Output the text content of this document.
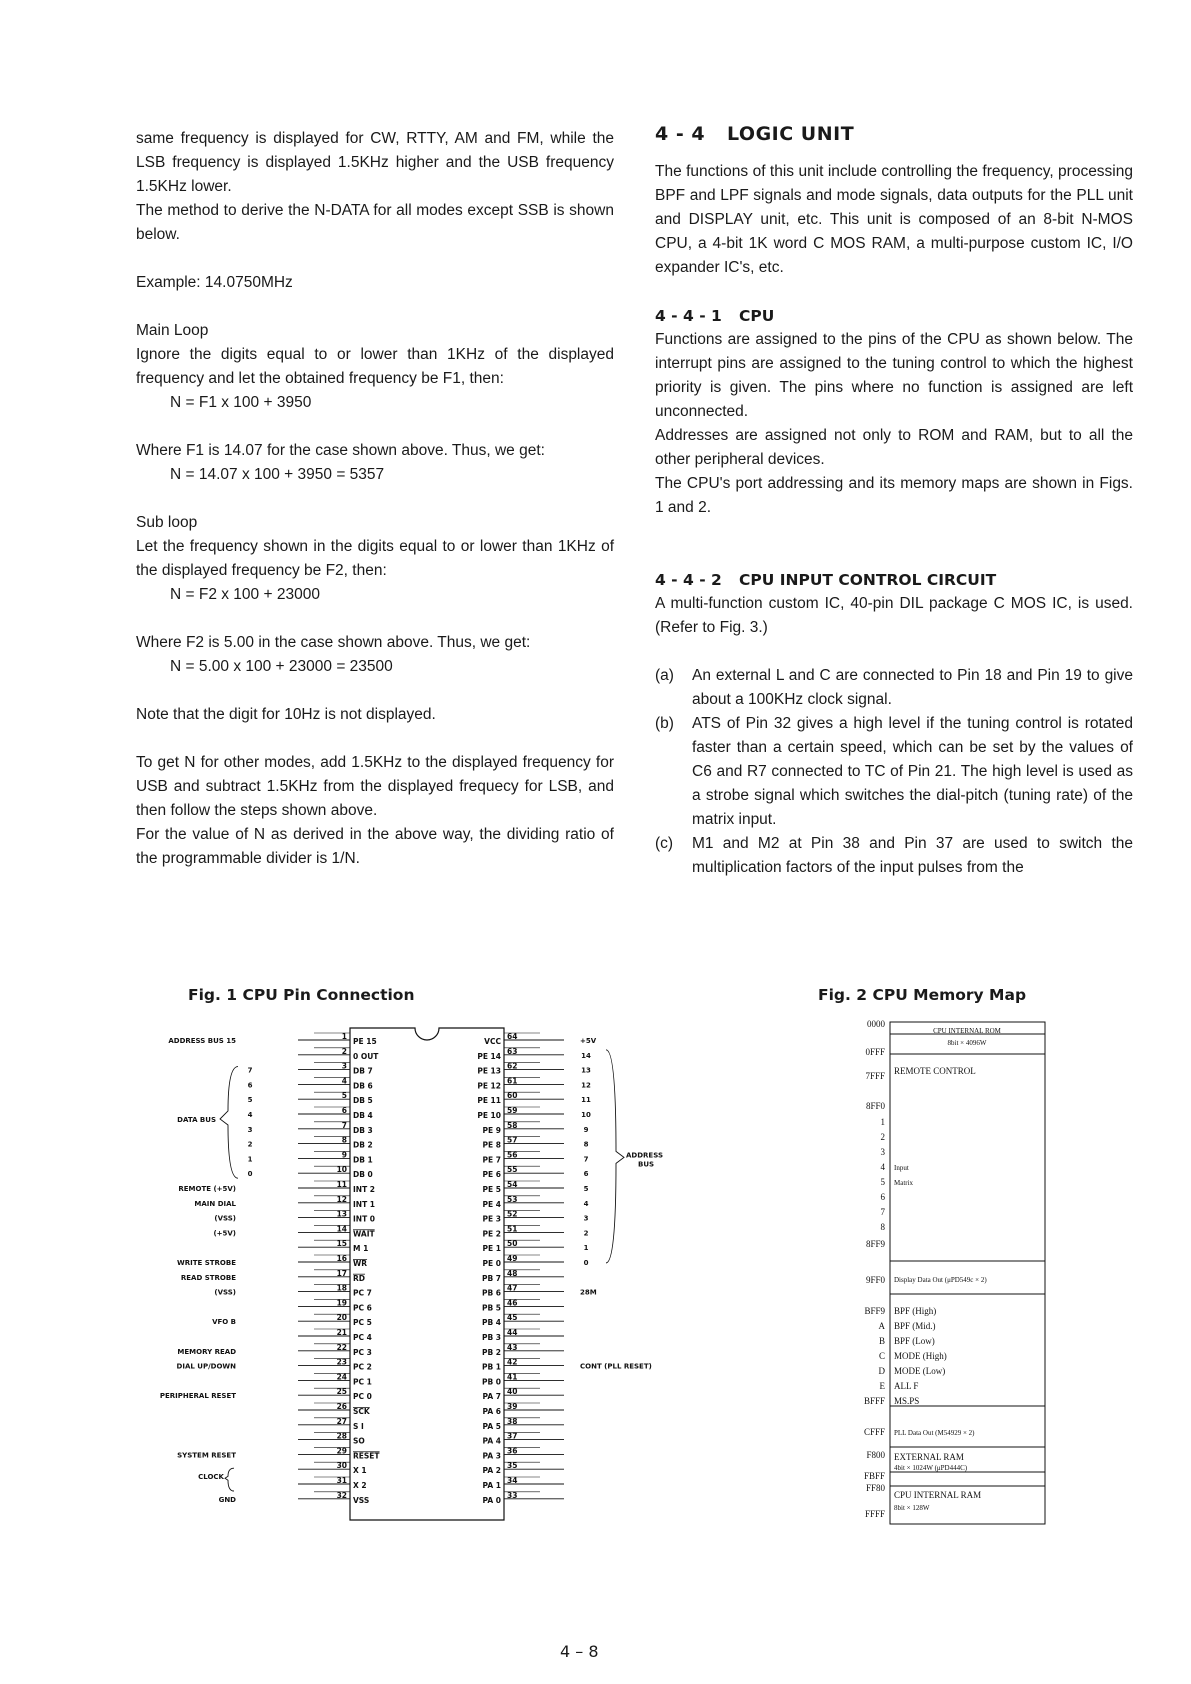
same frequency is displayed for CW, RTTY, AM and FM, while the LSB frequency is displayed 1.5KHz higher and the USB frequency 1.5KHz lower.

The method to derive the N-DATA for all modes except SSB is shown below.

Example: 14.0750MHz

Main Loop

Ignore the digits equal to or lower than 1KHz of the displayed frequency and let the obtained frequency be F1, then:

N = F1 x 100 + 3950

Where F1 is 14.07 for the case shown above. Thus, we get:

N = 14.07 x 100 + 3950 = 5357

Sub loop

Let the frequency shown in the digits equal to or lower than 1KHz of the displayed frequency be F2, then:

N = F2 x 100 + 23000

Where F2 is 5.00 in the case shown above. Thus, we get:

N = 5.00 x 100 + 23000 = 23500

Note that the digit for 10Hz is not displayed.

To get N for other modes, add 1.5KHz to the displayed frequency for USB and subtract 1.5KHz from the displayed frequecy for LSB, and then follow the steps shown above.

For the value of N as derived in the above way, the dividing ratio of the programmable divider is 1/N.

4 - 4 LOGIC UNIT

The functions of this unit include controlling the frequency, processing BPF and LPF signals and mode signals, data outputs for the PLL unit and DISPLAY unit, etc. This unit is composed of an 8-bit N-MOS CPU, a 4-bit 1K word C MOS RAM, a multi-purpose custom IC, I/O expander IC's, etc.

4 - 4 - 1 CPU

Functions are assigned to the pins of the CPU as shown below. The interrupt pins are assigned to the tuning control to which the highest priority is given. The pins where no function is assigned are left unconnected.

Addresses are assigned not only to ROM and RAM, but to all the other peripheral devices.

The CPU's port addressing and its memory maps are shown in Figs. 1 and 2.

4 - 4 - 2 CPU INPUT CONTROL CIRCUIT

A multi-function custom IC, 40-pin DIL package C MOS IC, is used. (Refer to Fig. 3.)

(a) An external L and C are connected to Pin 18 and Pin 19 to give about a 100KHz clock signal.
(b) ATS of Pin 32 gives a high level if the tuning control is rotated faster than a certain speed, which can be set by the values of C6 and R7 connected to TC of Pin 21. The high level is used as a strobe signal which switches the dial-pitch (tuning rate) of the matrix input.
(c) M1 and M2 at Pin 38 and Pin 37 are used to switch the multiplication factors of the input pulses from the
Fig. 1 CPU Pin Connection
1
PE 15
2
0 OUT
3
DB 7
4
DB 6
5
DB 5
6
DB 4
7
DB 3
8
DB 2
9
DB 1
10
DB 0
11
INT 2
12
INT 1
13
INT 0
14
WAIT
15
M 1
16
WR
17
RD
18
PC 7
19
PC 6
20
PC 5
21
PC 4
22
PC 3
23
PC 2
24
PC 1
25
PC 0
26
SCK
27
S I
28
SO
29
RESET
30
X 1
31
X 2
32
VSS
64
VCC
63
PE 14
62
PE 13
61
PE 12
60
PE 11
59
PE 10
58
PE 9
57
PE 8
56
PE 7
55
PE 6
54
PE 5
53
PE 4
52
PE 3
51
PE 2
50
PE 1
49
PE 0
48
PB 7
47
PB 6
46
PB 5
45
PB 4
44
PB 3
43
PB 2
42
PB 1
41
PB 0
40
PA 7
39
PA 6
38
PA 5
37
PA 4
36
PA 3
35
PA 2
34
PA 1
33
PA 0
ADDRESS BUS 15
7
6
5
4
3
2
1
0
DATA BUS
REMOTE (+5V)
MAIN DIAL
(VSS)
(+5V)
WRITE STROBE
READ STROBE
(VSS)
VFO B
MEMORY READ
DIAL UP/DOWN
PERIPHERAL RESET
SYSTEM RESET
CLOCK
GND
+5V
14
13
12
11
10
9
8
7
6
5
4
3
2
1
0
ADDRESS
BUS
28M
CONT (PLL RESET)
Fig. 2 CPU Memory Map
0000
0FFF
7FFF
8FF0
1
2
3
4
5
6
7
8
8FF9
9FF0
BFF9
A
B
C
D
E
BFFF
CFFF
F800
FBFF
FF80
FFFF
CPU INTERNAL ROM
8bit × 4096W
REMOTE CONTROL
Input
Matrix
Display Data Out (μPD549c × 2)
BPF (High)
BPF (Mid.)
BPF (Low)
MODE (High)
MODE (Low)
ALL F
MS.PS
PLL Data Out (M54929 × 2)
EXTERNAL RAM
4bit × 1024W (μPD444C)
CPU INTERNAL RAM
8bit × 128W
4 – 8
